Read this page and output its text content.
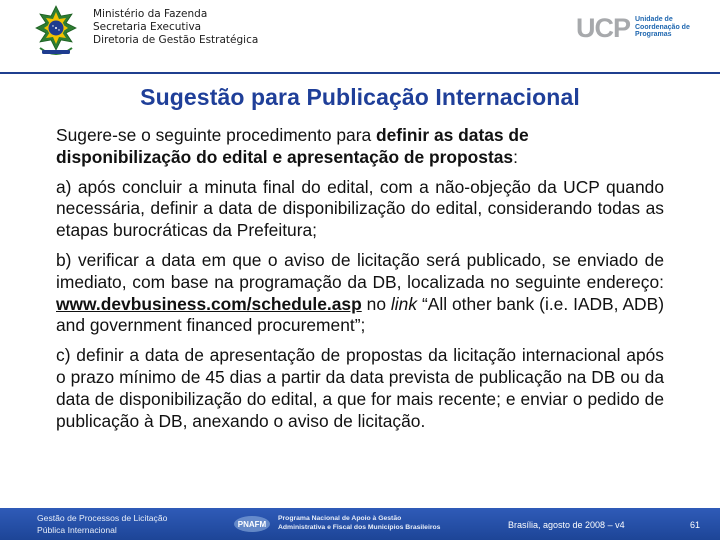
Ministério da Fazenda
Secretaria Executiva
Diretoria de Gestão Estratégica	UCP Unidade de
Coordenação de
Programas
Sugestão para Publicação Internacional

Sugere-se o seguinte procedimento para definir as datas de disponibilização do edital e apresentação de propostas:

a) após concluir a minuta final do edital, com a não-objeção da UCP quando necessária, definir a data de disponibilização do edital, considerando todas as etapas burocráticas da Prefeitura;

b) verificar a data em que o aviso de licitação será publicado, se enviado de imediato, com base na programação da DB, localizada no seguinte endereço: www.devbusiness.com/schedule.asp no link “All other bank (i.e. IADB, ADB) and government financed procurement”;

c) definir a data de apresentação de propostas da licitação internacional após o prazo mínimo de 45 dias a partir da data prevista de publicação na DB ou da data de disponibilização do edital, a que for mais recente; e enviar o pedido de publicação à DB, anexando o aviso de licitação.

Gestão de Processos de Licitação
Pública Internacional
PNAFM
Programa Nacional de Apoio à Gestão
Administrativa e Fiscal dos Municípios Brasileiros	Brasília, agosto de 2008 – v4	61
